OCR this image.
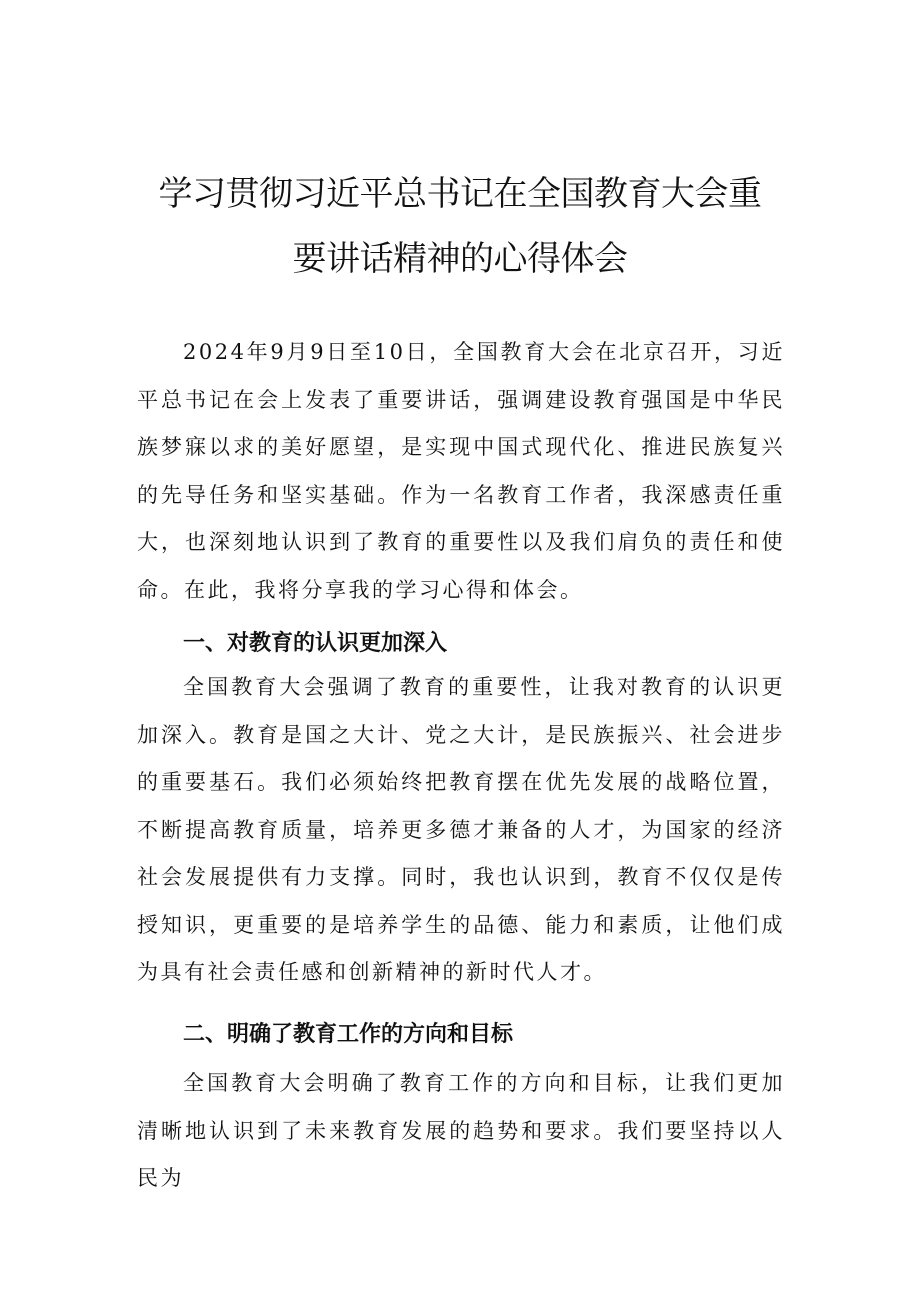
学习贯彻习近平总书记在全国教育大会重
要讲话精神的心得体会

2024年9月9日至10日，全国教育大会在北京召开，习近平总书记在会上发表了重要讲话，强调建设教育强国是中华民族梦寐以求的美好愿望，是实现中国式现代化、推进民族复兴的先导任务和坚实基础。作为一名教育工作者，我深感责任重大，也深刻地认识到了教育的重要性以及我们肩负的责任和使命。在此，我将分享我的学习心得和体会。

一、对教育的认识更加深入

全国教育大会强调了教育的重要性，让我对教育的认识更加深入。教育是国之大计、党之大计，是民族振兴、社会进步的重要基石。我们必须始终把教育摆在优先发展的战略位置，不断提高教育质量，培养更多德才兼备的人才，为国家的经济社会发展提供有力支撑。同时，我也认识到，教育不仅仅是传授知识，更重要的是培养学生的品德、能力和素质，让他们成为具有社会责任感和创新精神的新时代人才。

二、明确了教育工作的方向和目标

全国教育大会明确了教育工作的方向和目标，让我们更加清晰地认识到了未来教育发展的趋势和要求。我们要坚持以人民为
